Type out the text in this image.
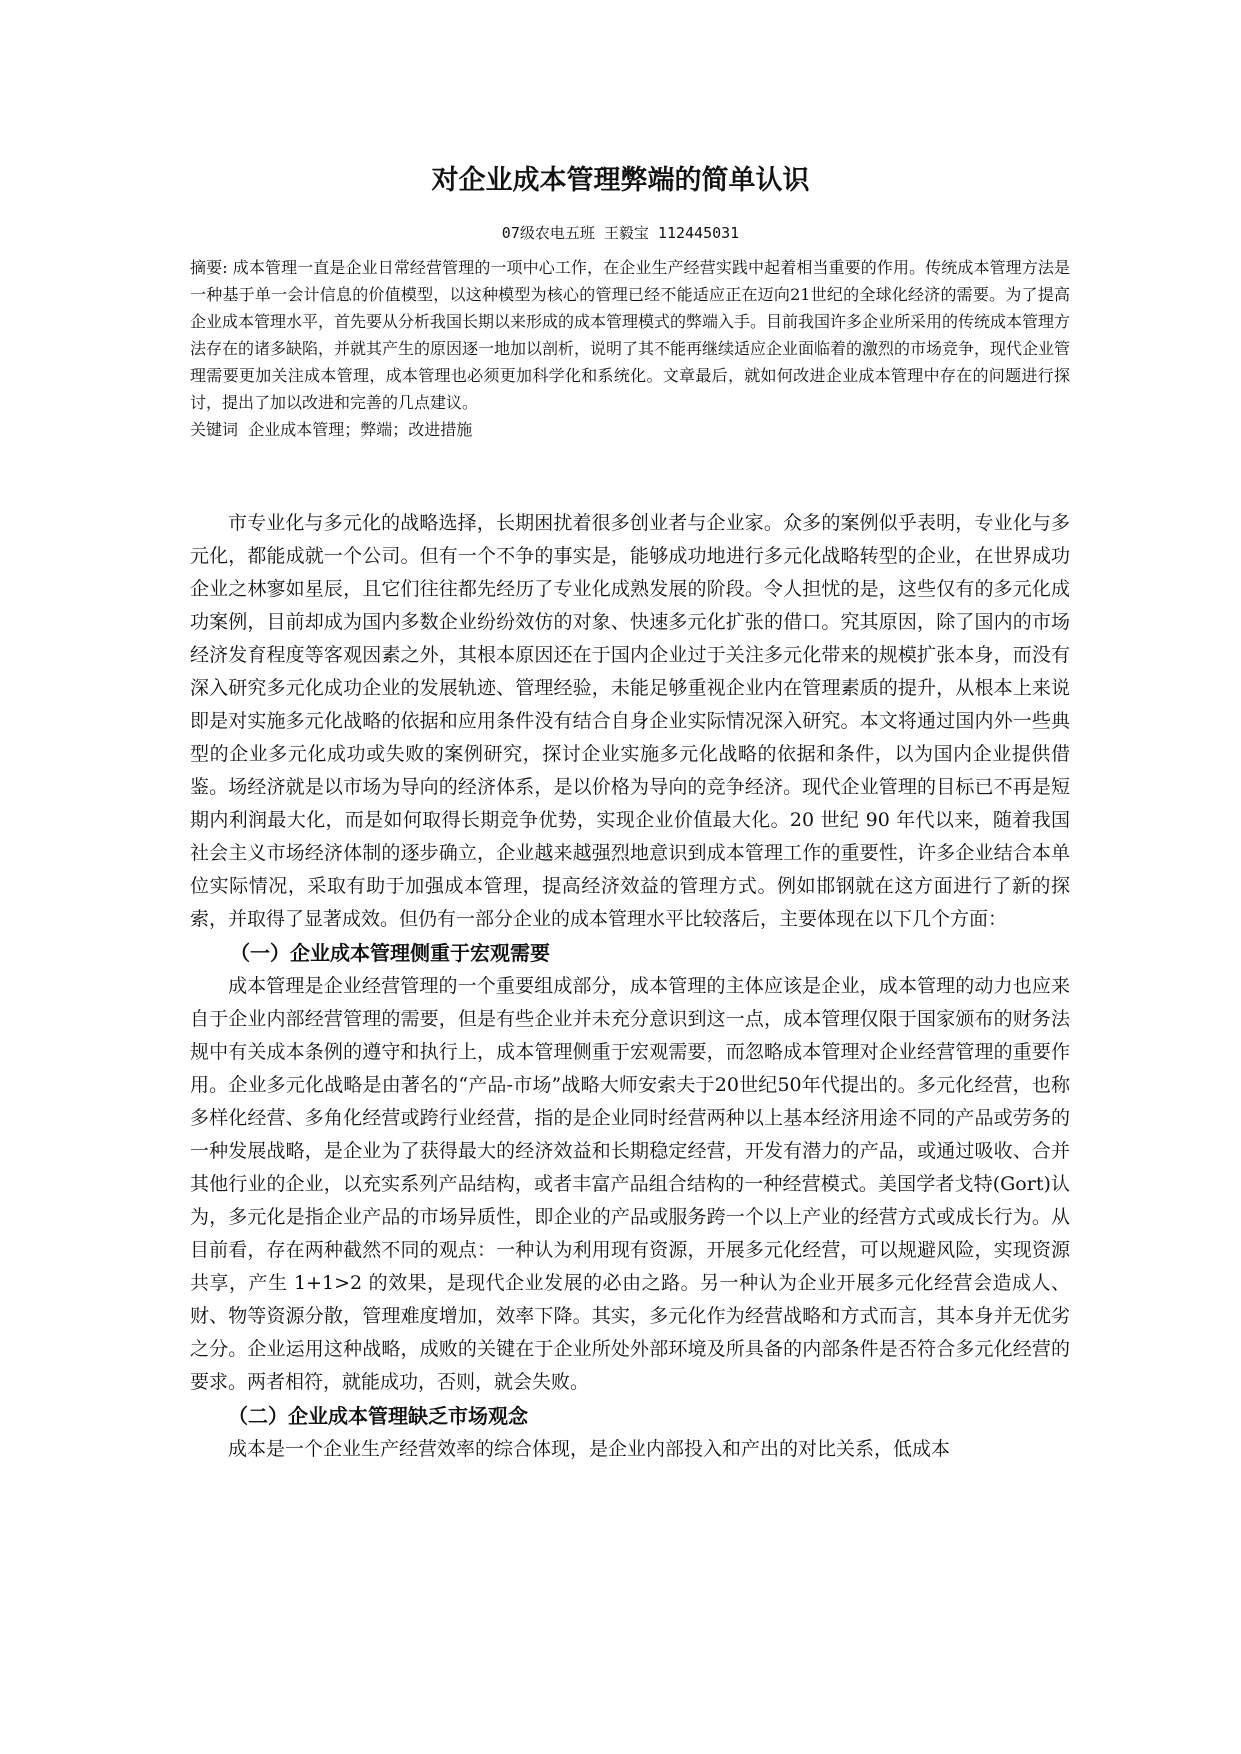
对企业成本管理弊端的简单认识
07级农电五班 王毅宝 112445031

摘要: 成本管理一直是企业日常经营管理的一项中心工作，在企业生产经营实践中起着相当重要的作用。传统成本管理方法是一种基于单一会计信息的价值模型，以这种模型为核心的管理已经不能适应正在迈向21世纪的全球化经济的需要。为了提高企业成本管理水平，首先要从分析我国长期以来形成的成本管理模式的弊端入手。目前我国许多企业所采用的传统成本管理方法存在的诸多缺陷，并就其产生的原因逐一地加以剖析，说明了其不能再继续适应企业面临着的激烈的市场竞争，现代企业管理需要更加关注成本管理，成本管理也必须更加科学化和系统化。文章最后，就如何改进企业成本管理中存在的问题进行探讨，提出了加以改进和完善的几点建议。

关键词 企业成本管理；弊端；改进措施

市专业化与多元化的战略选择，长期困扰着很多创业者与企业家。众多的案例似乎表明，专业化与多元化，都能成就一个公司。但有一个不争的事实是，能够成功地进行多元化战略转型的企业，在世界成功企业之林寥如星辰，且它们往往都先经历了专业化成熟发展的阶段。令人担忧的是，这些仅有的多元化成功案例，目前却成为国内多数企业纷纷效仿的对象、快速多元化扩张的借口。究其原因，除了国内的市场经济发育程度等客观因素之外，其根本原因还在于国内企业过于关注多元化带来的规模扩张本身，而没有深入研究多元化成功企业的发展轨迹、管理经验，未能足够重视企业内在管理素质的提升，从根本上来说即是对实施多元化战略的依据和应用条件没有结合自身企业实际情况深入研究。本文将通过国内外一些典型的企业多元化成功或失败的案例研究，探讨企业实施多元化战略的依据和条件，以为国内企业提供借鉴。场经济就是以市场为导向的经济体系，是以价格为导向的竞争经济。现代企业管理的目标已不再是短期内利润最大化，而是如何取得长期竞争优势，实现企业价值最大化。20 世纪 90 年代以来，随着我国社会主义市场经济体制的逐步确立，企业越来越强烈地意识到成本管理工作的重要性，许多企业结合本单位实际情况，采取有助于加强成本管理，提高经济效益的管理方式。例如邯钢就在这方面进行了新的探索，并取得了显著成效。但仍有一部分企业的成本管理水平比较落后，主要体现在以下几个方面：

（一）企业成本管理侧重于宏观需要

成本管理是企业经营管理的一个重要组成部分，成本管理的主体应该是企业，成本管理的动力也应来自于企业内部经营管理的需要，但是有些企业并未充分意识到这一点，成本管理仅限于国家颁布的财务法规中有关成本条例的遵守和执行上，成本管理侧重于宏观需要，而忽略成本管理对企业经营管理的重要作用。企业多元化战略是由著名的“产品-市场”战略大师安索夫于20世纪50年代提出的。多元化经营，也称多样化经营、多角化经营或跨行业经营，指的是企业同时经营两种以上基本经济用途不同的产品或劳务的一种发展战略，是企业为了获得最大的经济效益和长期稳定经营，开发有潜力的产品，或通过吸收、合并其他行业的企业，以充实系列产品结构，或者丰富产品组合结构的一种经营模式。美国学者戈特(Gort)认为，多元化是指企业产品的市场异质性，即企业的产品或服务跨一个以上产业的经营方式或成长行为。从目前看，存在两种截然不同的观点：一种认为利用现有资源，开展多元化经营，可以规避风险，实现资源共享，产生 1+1>2 的效果，是现代企业发展的必由之路。另一种认为企业开展多元化经营会造成人、财、物等资源分散，管理难度增加，效率下降。其实，多元化作为经营战略和方式而言，其本身并无优劣之分。企业运用这种战略，成败的关键在于企业所处外部环境及所具备的内部条件是否符合多元化经营的要求。两者相符，就能成功，否则，就会失败。

（二）企业成本管理缺乏市场观念

成本是一个企业生产经营效率的综合体现，是企业内部投入和产出的对比关系，低成本
